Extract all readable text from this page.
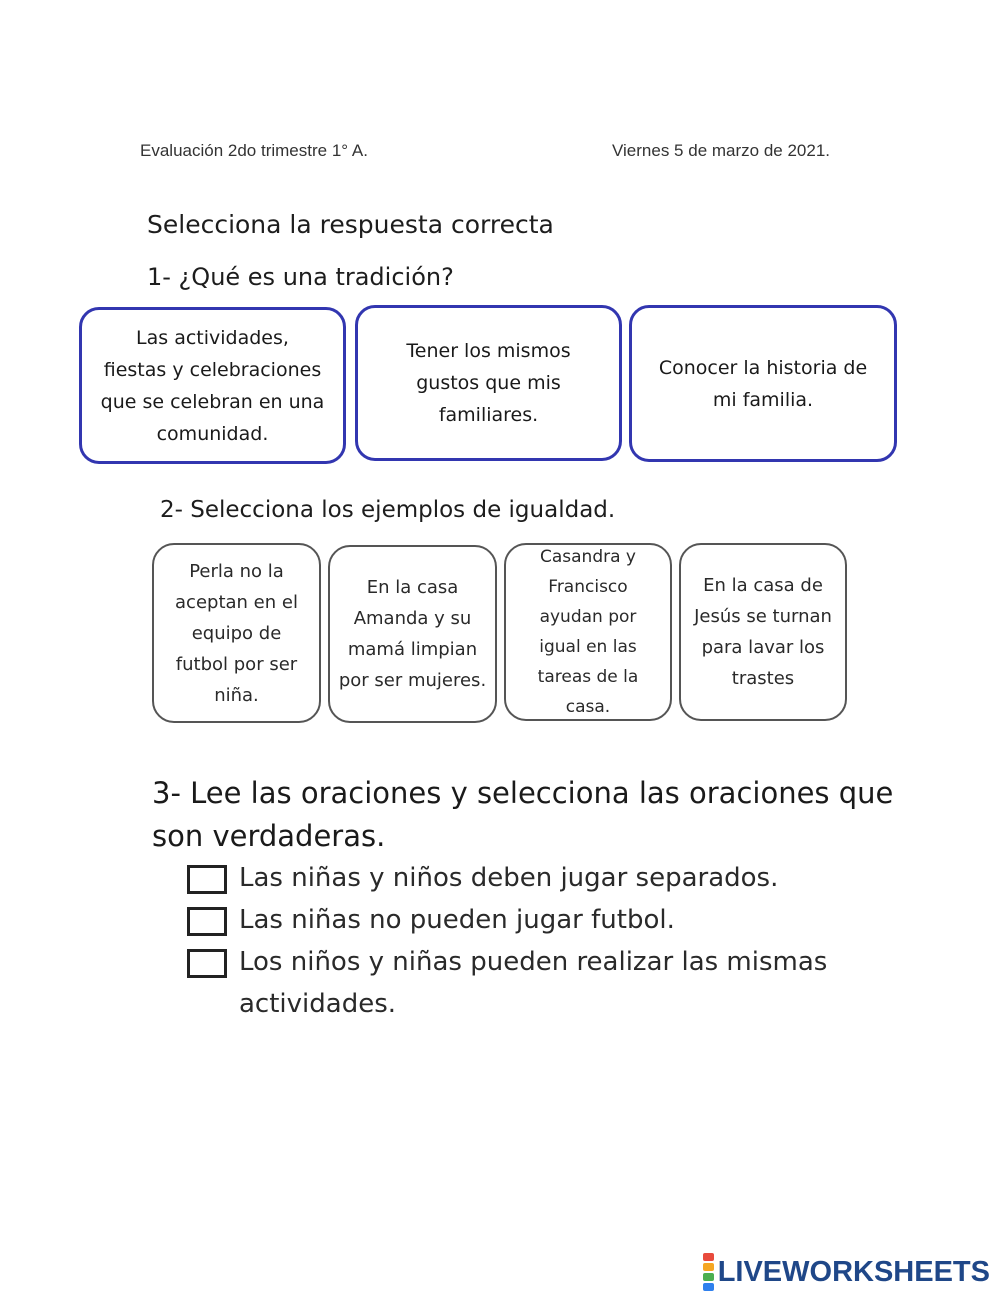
Evaluación 2do trimestre 1° A.	Viernes 5 de marzo de 2021.
Selecciona la respuesta correcta
1- ¿Qué es una tradición?
Las actividades,
fiestas y celebraciones
que se celebran en una
comunidad.
Tener los mismos
gustos que mis
familiares.
Conocer la historia de
mi familia.
2- Selecciona los ejemplos de igualdad.
Perla no la
aceptan en el
equipo de
futbol por ser
niña.
En la casa
Amanda y su
mamá limpian
por ser mujeres.
Casandra y
Francisco
ayudan por
igual en las
tareas de la
casa.
En la casa de
Jesús se turnan
para lavar los
trastes
3- Lee las oraciones y selecciona las oraciones que son verdaderas.
Las niñas y niños deben jugar separados.
Las niñas no pueden jugar futbol.
Los niños y niñas pueden realizar las mismas
actividades.
LIVEWORKSHEETS
